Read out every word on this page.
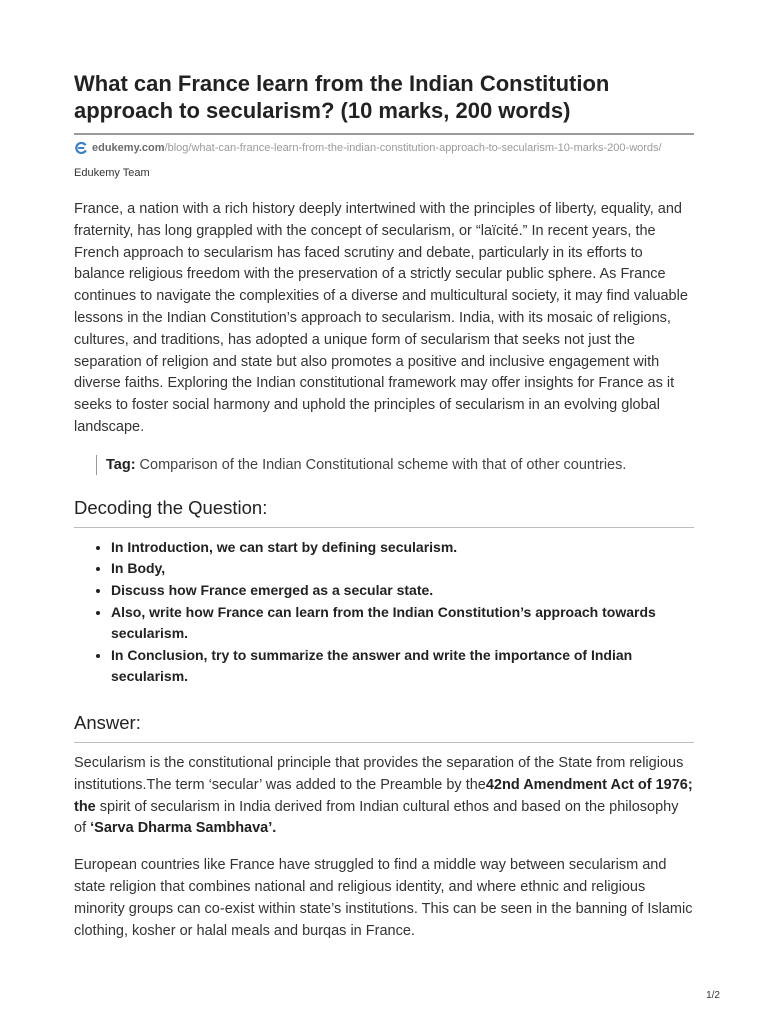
What can France learn from the Indian Constitution approach to secularism? (10 marks, 200 words)
edukemy.com /blog/what-can-france-learn-from-the-indian-constitution-approach-to-secularism-10-marks-200-words/
Edukemy Team

France, a nation with a rich history deeply intertwined with the principles of liberty, equality, and fraternity, has long grappled with the concept of secularism, or “laïcité.” In recent years, the French approach to secularism has faced scrutiny and debate, particularly in its efforts to balance religious freedom with the preservation of a strictly secular public sphere. As France continues to navigate the complexities of a diverse and multicultural society, it may find valuable lessons in the Indian Constitution’s approach to secularism. India, with its mosaic of religions, cultures, and traditions, has adopted a unique form of secularism that seeks not just the separation of religion and state but also promotes a positive and inclusive engagement with diverse faiths. Exploring the Indian constitutional framework may offer insights for France as it seeks to foster social harmony and uphold the principles of secularism in an evolving global landscape.

Tag: Comparison of the Indian Constitutional scheme with that of other countries.
Decoding the Question:
• In Introduction, we can start by defining secularism.
• In Body,
• Discuss how France emerged as a secular state.
• Also, write how France can learn from the Indian Constitution’s approach towards secularism.
• In Conclusion, try to summarize the answer and write the importance of Indian secularism.
Answer:

Secularism is the constitutional principle that provides the separation of the State from religious institutions.The term ‘secular’ was added to the Preamble by the42nd Amendment Act of 1976; the spirit of secularism in India derived from Indian cultural ethos and based on the philosophy of ‘Sarva Dharma Sambhava’.

European countries like France have struggled to find a middle way between secularism and state religion that combines national and religious identity, and where ethnic and religious minority groups can co-exist within state’s institutions. This can be seen in the banning of Islamic clothing, kosher or halal meals and burqas in France.

1/2
